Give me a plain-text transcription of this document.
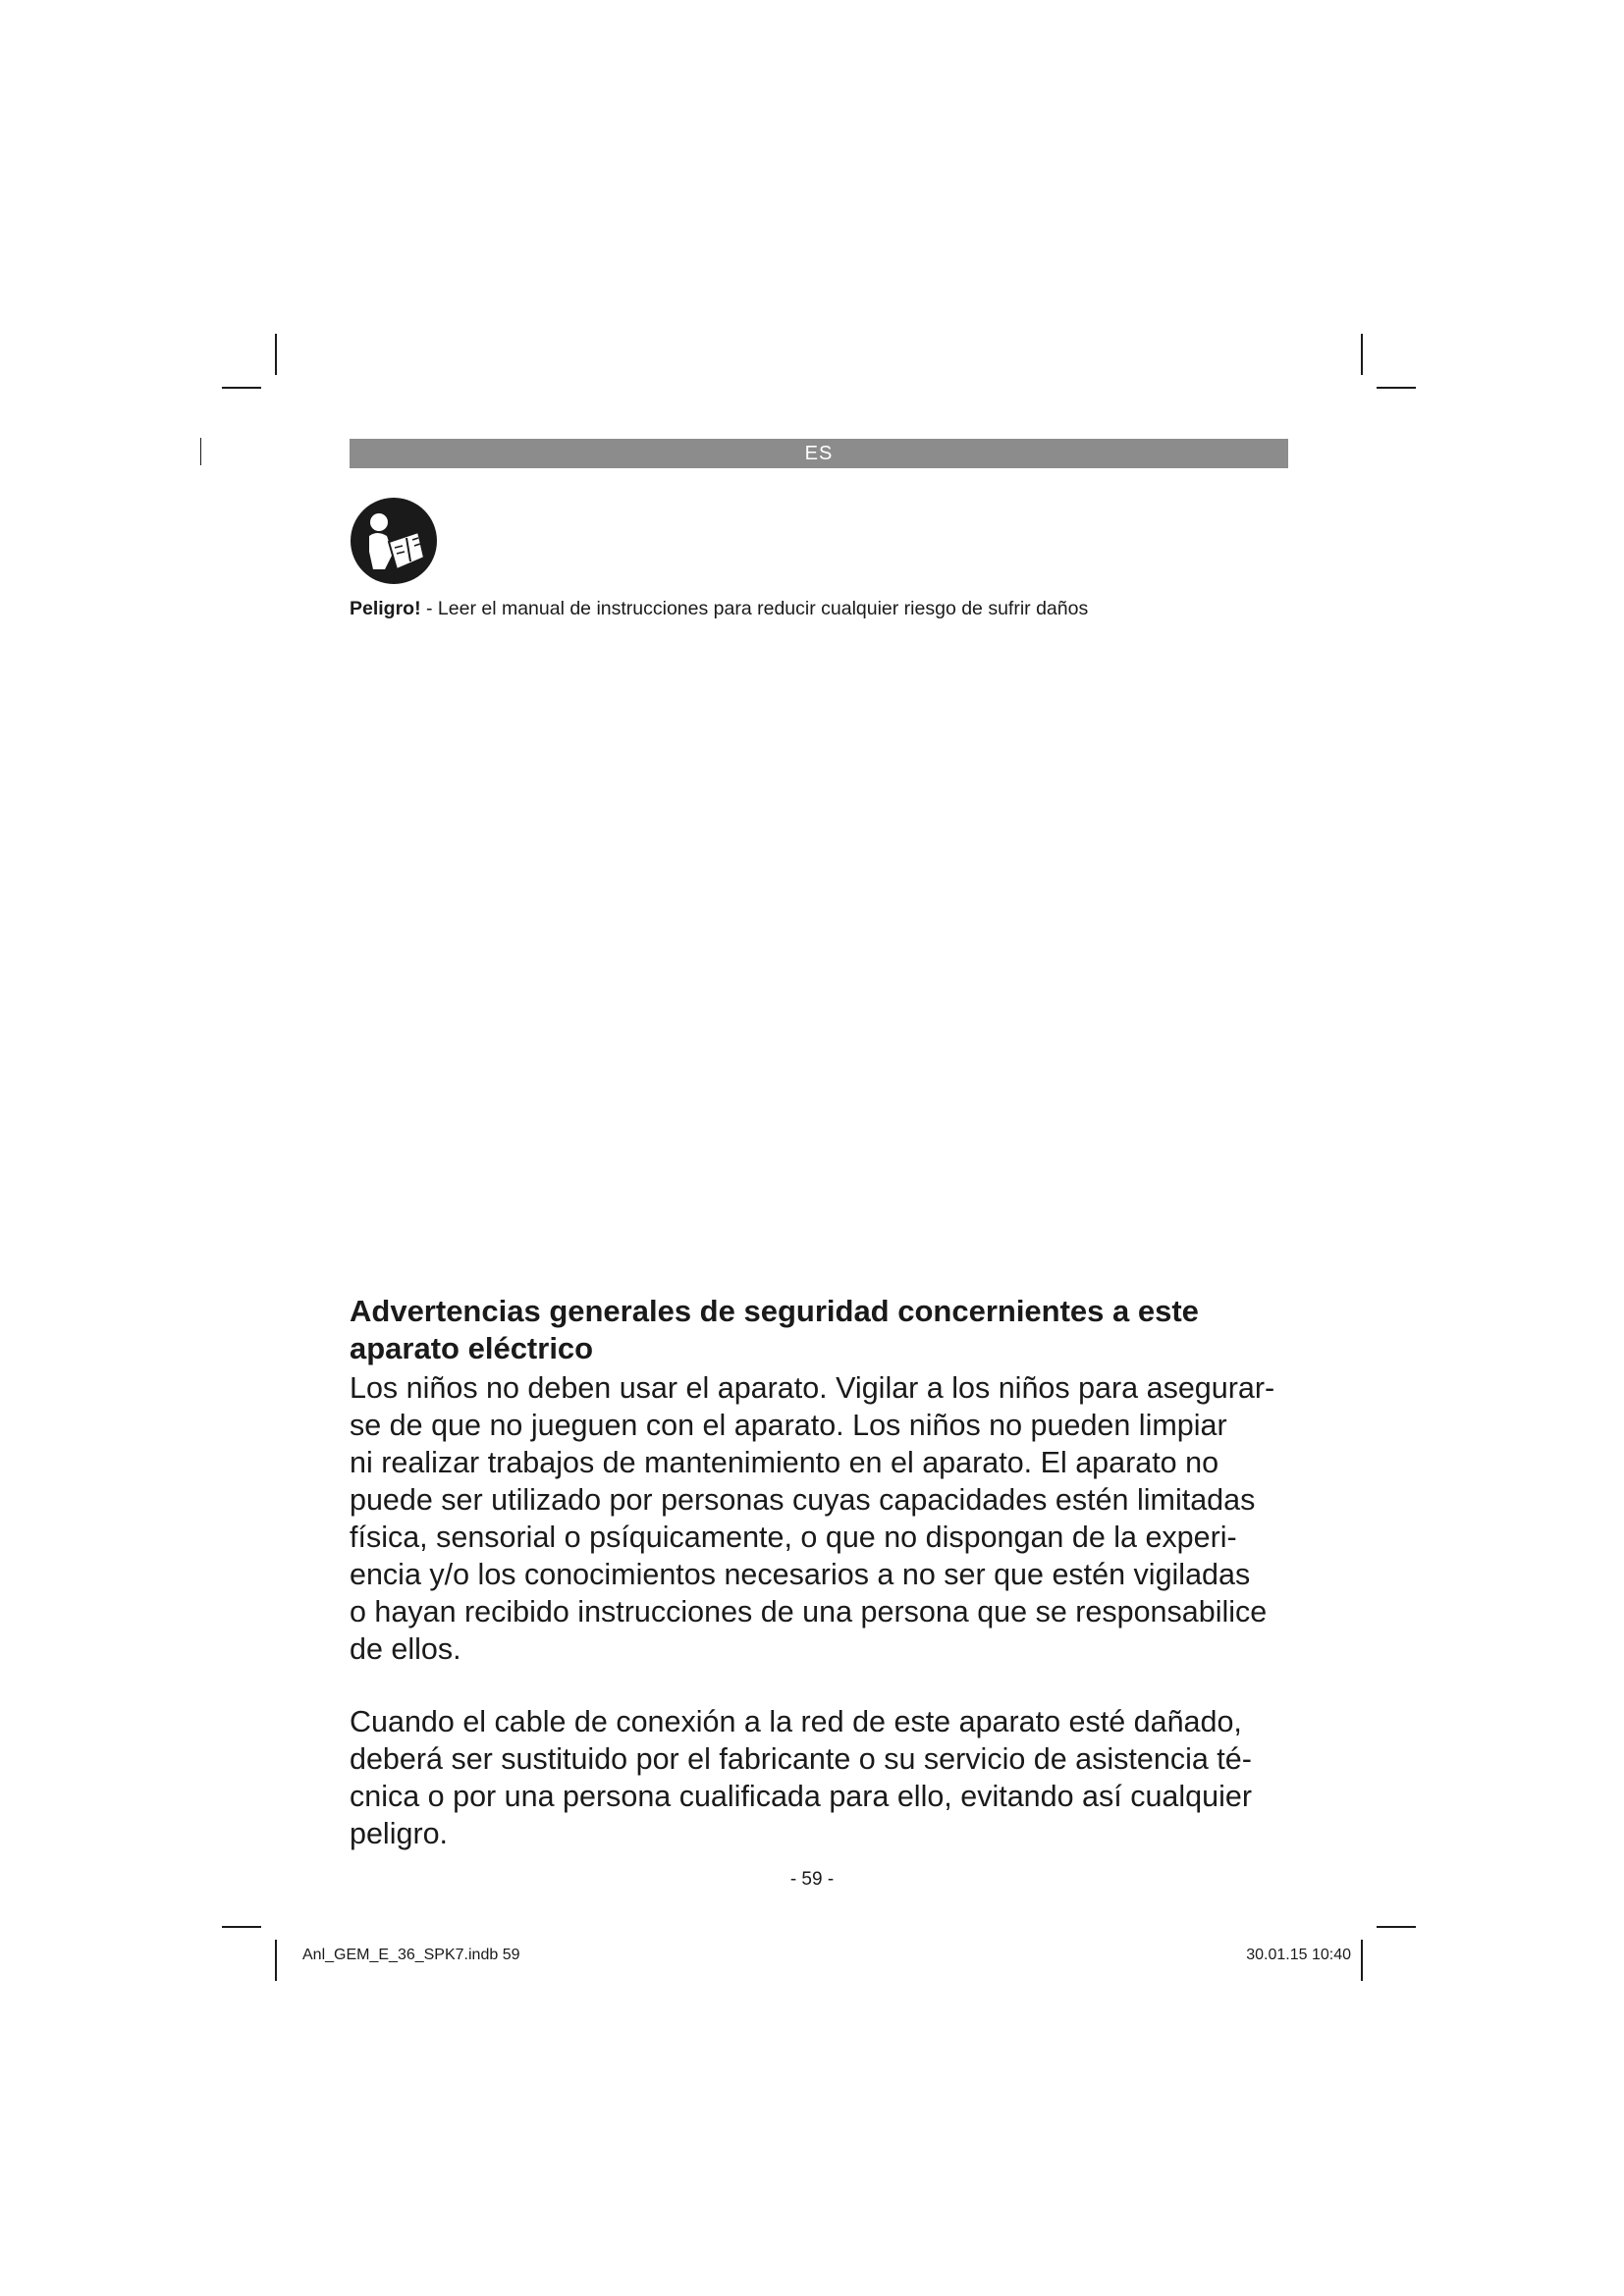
ES
Peligro! - Leer el manual de instrucciones para reducir cualquier riesgo de sufrir daños
Advertencias generales de seguridad concernientes a este
aparato eléctrico

Los niños no deben usar el aparato. Vigilar a los niños para asegurar-
se de que no jueguen con el aparato. Los niños no pueden limpiar
ni realizar trabajos de mantenimiento en el aparato. El aparato no
puede ser utilizado por personas cuyas capacidades estén limitadas
física, sensorial o psíquicamente, o que no dispongan de la experi-
encia y/o los conocimientos necesarios a no ser que estén vigiladas
o hayan recibido instrucciones de una persona que se responsabilice
de ellos.

Cuando el cable de conexión a la red de este aparato esté dañado,
deberá ser sustituido por el fabricante o su servicio de asistencia té-
cnica o por una persona cualificada para ello, evitando así cualquier
peligro.

- 59 -
Anl_GEM_E_36_SPK7.indb 59	30.01.15 10:40
